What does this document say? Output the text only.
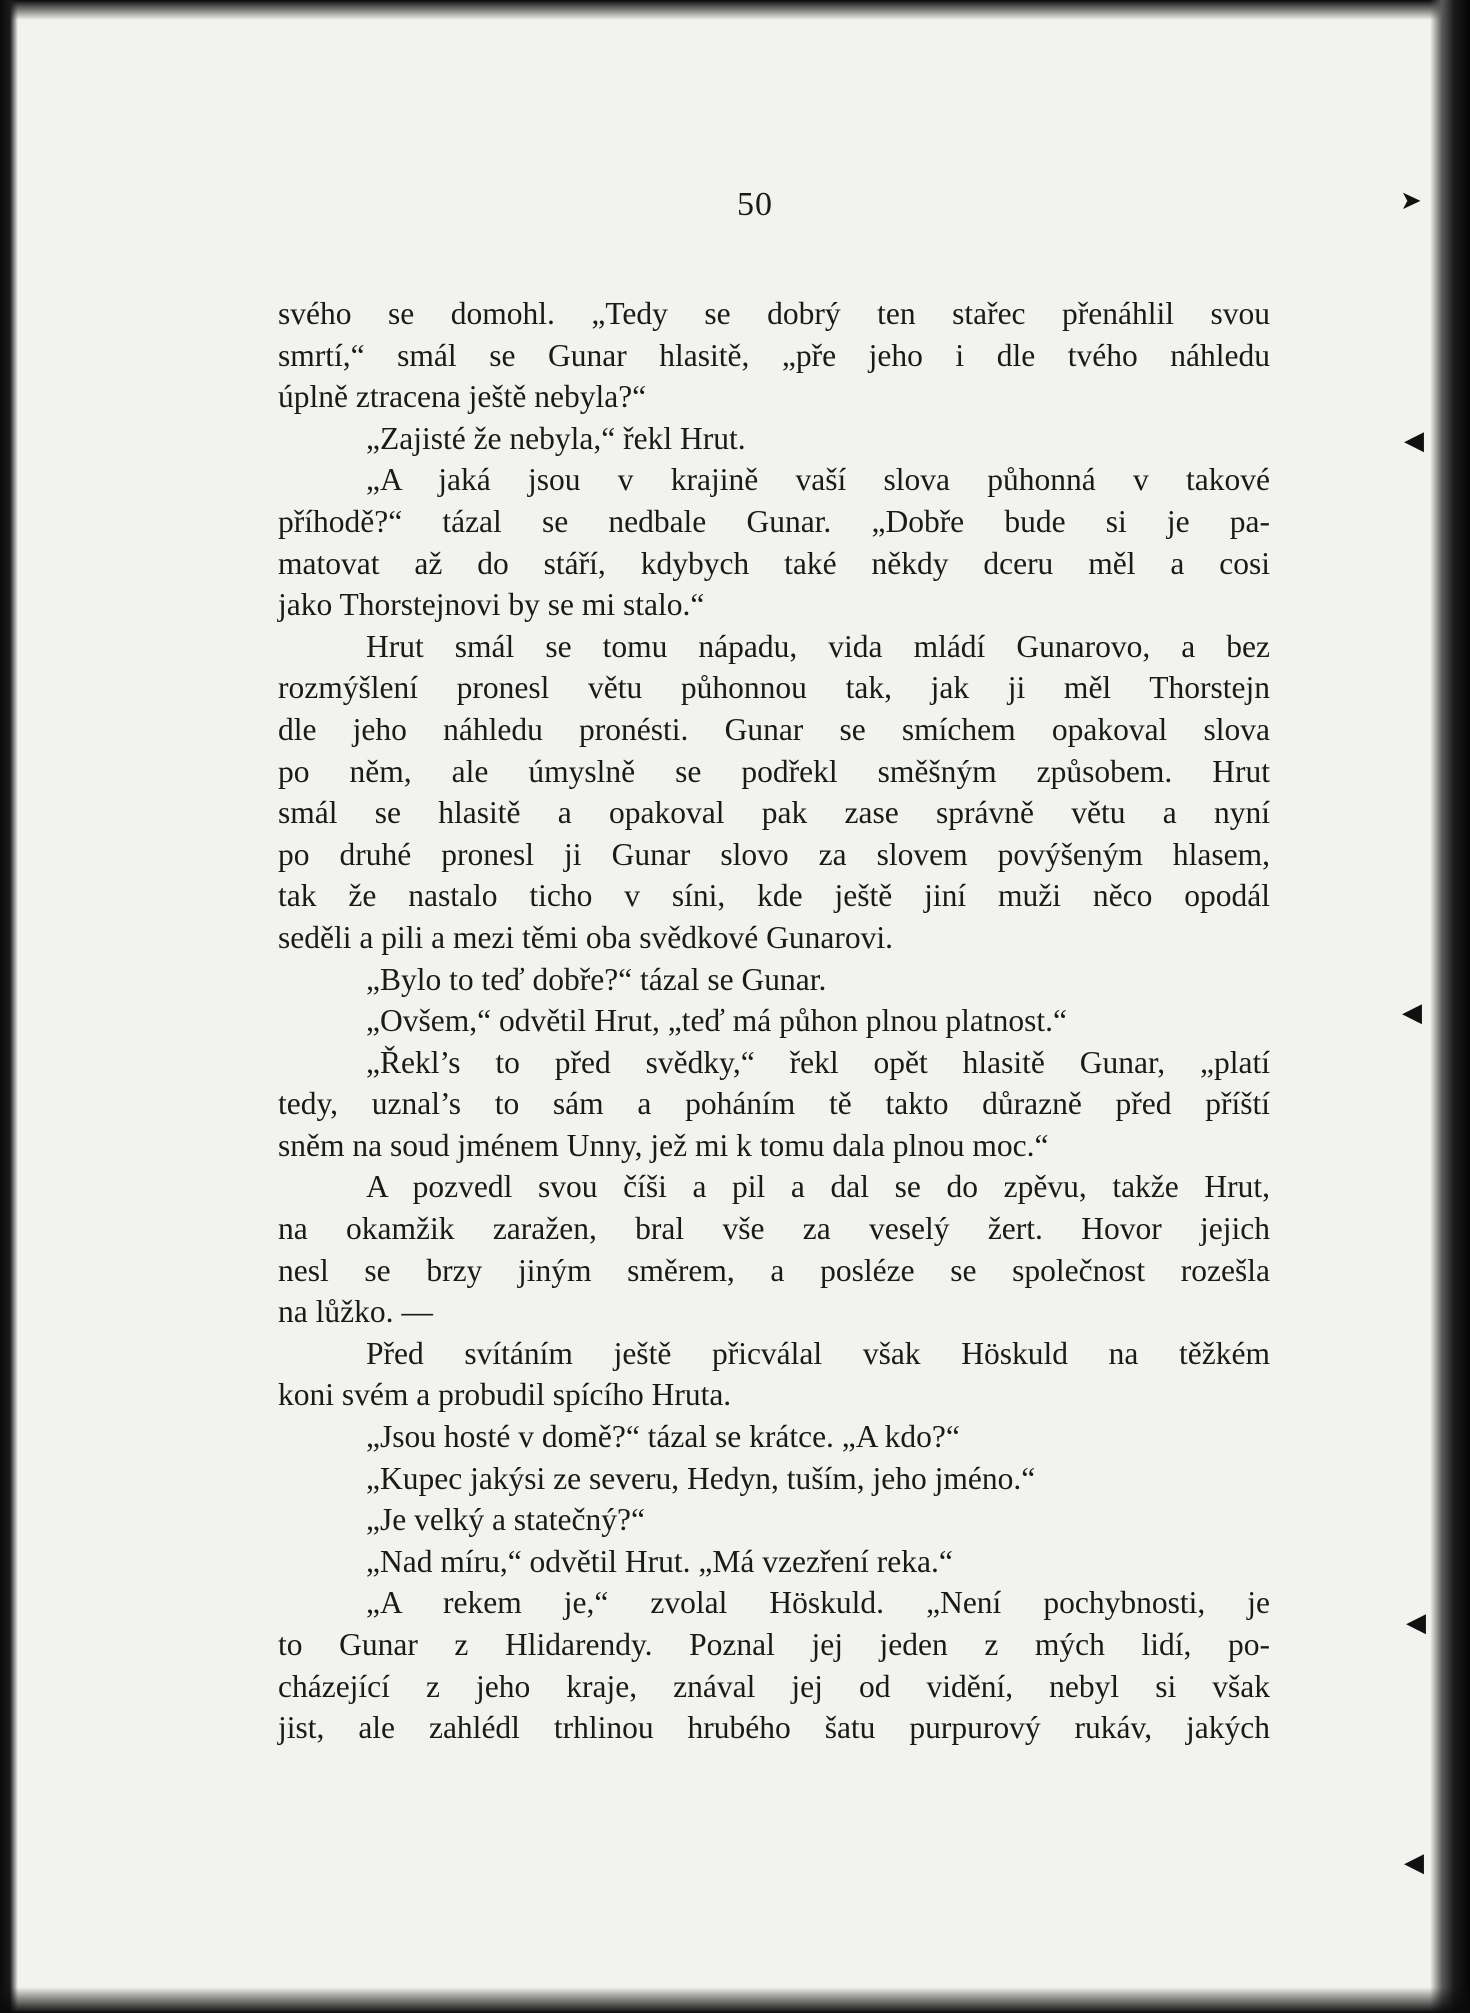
➤
◀
◀
◀
◀
50
svého se domohl. „Tedy se dobrý ten stařec přenáhlil svou
smrtí,“ smál se Gunar hlasitě, „pře jeho i dle tvého náhledu
úplně ztracena ještě nebyla?“
„Zajisté že nebyla,“ řekl Hrut.
„A jaká jsou v krajině vaší slova půhonná v takové
příhodě?“ tázal se nedbale Gunar. „Dobře bude si je pa-
matovat až do stáří, kdybych také někdy dceru měl a cosi
jako Thorstejnovi by se mi stalo.“
Hrut smál se tomu nápadu, vida mládí Gunarovo, a bez
rozmýšlení pronesl větu půhonnou tak, jak ji měl Thorstejn
dle jeho náhledu pronésti. Gunar se smíchem opakoval slova
po něm, ale úmyslně se podřekl směšným způsobem. Hrut
smál se hlasitě a opakoval pak zase správně větu a nyní
po druhé pronesl ji Gunar slovo za slovem povýšeným hlasem,
tak že nastalo ticho v síni, kde ještě jiní muži něco opodál
seděli a pili a mezi těmi oba svědkové Gunarovi.
„Bylo to teď dobře?“ tázal se Gunar.
„Ovšem,“ odvětil Hrut, „teď má půhon plnou platnost.“
„Řekl’s to před svědky,“ řekl opět hlasitě Gunar, „platí
tedy, uznal’s to sám a poháním tě takto důrazně před příští
sněm na soud jménem Unny, jež mi k tomu dala plnou moc.“
A pozvedl svou číši a pil a dal se do zpěvu, takže Hrut,
na okamžik zaražen, bral vše za veselý žert. Hovor jejich
nesl se brzy jiným směrem, a posléze se společnost rozešla
na lůžko. —
Před svítáním ještě přicválal však Höskuld na těžkém
koni svém a probudil spícího Hruta.
„Jsou hosté v domě?“ tázal se krátce. „A kdo?“
„Kupec jakýsi ze severu, Hedyn, tuším, jeho jméno.“
„Je velký a statečný?“
„Nad míru,“ odvětil Hrut. „Má vzezření reka.“
„A rekem je,“ zvolal Höskuld. „Není pochybnosti, je
to Gunar z Hlidarendy. Poznal jej jeden z mých lidí, po-
cházející z jeho kraje, znával jej od vidění, nebyl si však
jist, ale zahlédl trhlinou hrubého šatu purpurový rukáv, jakých
